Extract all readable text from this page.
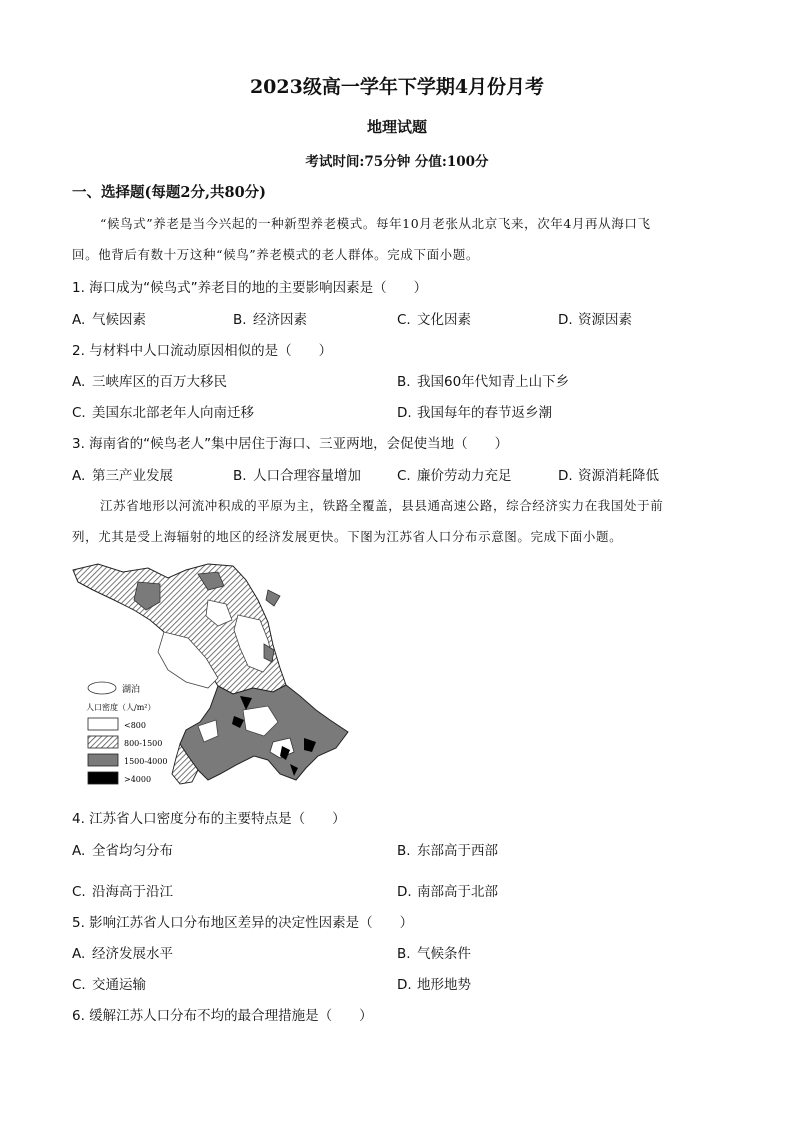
2023级高一学年下学期4月份月考
地理试题
考试时间:75分钟 分值:100分
一、选择题(每题2分,共80分)
“候鸟式”养老是当今兴起的一种新型养老模式。每年10月老张从北京飞来，次年4月再从海口飞
回。他背后有数十万这种“候鸟”养老模式的老人群体。完成下面小题。
1. 海口成为“候鸟式”养老目的地的主要影响因素是（　　）
A. 气候因素	B. 经济因素	C. 文化因素	D. 资源因素
2. 与材料中人口流动原因相似的是（　　）
A. 三峡库区的百万大移民	B. 我国60年代知青上山下乡
C. 美国东北部老年人向南迁移	D. 我国每年的春节返乡潮
3. 海南省的“候鸟老人”集中居住于海口、三亚两地，会促使当地（　　）
A. 第三产业发展	B. 人口合理容量增加	C. 廉价劳动力充足	D. 资源消耗降低
江苏省地形以河流冲积成的平原为主，铁路全覆盖，县县通高速公路，综合经济实力在我国处于前
列，尤其是受上海辐射的地区的经济发展更快。下图为江苏省人口分布示意图。完成下面小题。
湖泊
人口密度（人/m²）
<800
800-1500
1500-4000
>4000
4. 江苏省人口密度分布的主要特点是（　　）
A. 全省均匀分布	B. 东部高于西部
C. 沿海高于沿江	D. 南部高于北部
5. 影响江苏省人口分布地区差异的决定性因素是（　　）
A. 经济发展水平	B. 气候条件
C. 交通运输	D. 地形地势
6. 缓解江苏人口分布不均的最合理措施是（　　）
